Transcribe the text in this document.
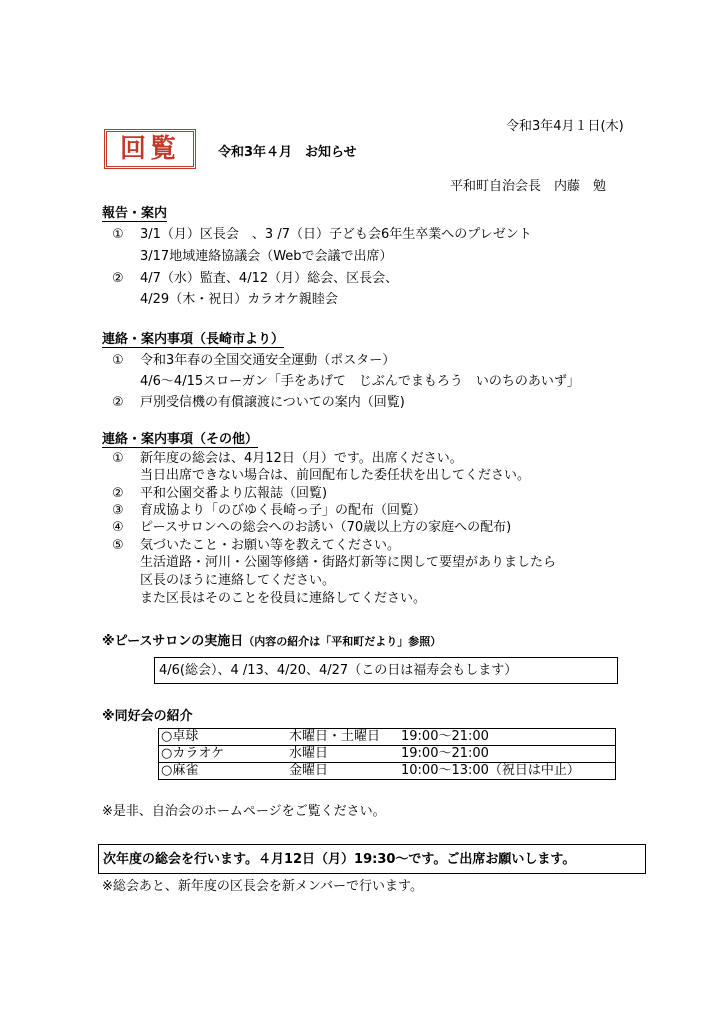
令和3年4月１日(木)
回覧	令和3年４月　お知らせ
平和町自治会長　内藤　勉
報告・案内
① 3/1（月）区長会　、3 /7（日）子ども会6年生卒業へのプレゼント
3/17地域連絡協議会（Webで会議で出席）
② 4/7（水）監査、4/12（月）総会、区長会、
4/29（木・祝日）カラオケ親睦会
連絡・案内事項（長崎市より）
① 令和3年春の全国交通安全運動（ポスター）
4/6～4/15スローガン「手をあげて　じぶんでまもろう　いのちのあいず」
② 戸別受信機の有償譲渡についての案内（回覧)
連絡・案内事項（その他）
① 新年度の総会は、4月12日（月）です。出席ください。
当日出席できない場合は、前回配布した委任状を出してください。
② 平和公園交番より広報誌（回覧)
③ 育成協より「のびゆく長崎っ子」の配布（回覧）
④ ピースサロンへの総会へのお誘い（70歳以上方の家庭への配布)
⑤ 気づいたこと・お願い等を教えてください。
生活道路・河川・公園等修繕・街路灯新等に関して要望がありましたら
区長のほうに連絡してください。
また区長はそのことを役員に連絡してください。
※ピースサロンの実施日（内容の紹介は「平和町だより」参照）
4/6(総会）、4 /13、4/20、4/27（この日は福寿会もします）
※同好会の紹介
○卓球	木曜日・土曜日	19:00～21:00
○カラオケ	水曜日	19:00～21:00
○麻雀	金曜日	10:00～13:00（祝日は中止）
※是非、自治会のホームページをご覧ください。
次年度の総会を行います。４月12日（月）19:30～です。ご出席お願いします。
※総会あと、新年度の区長会を新メンバーで行います。
